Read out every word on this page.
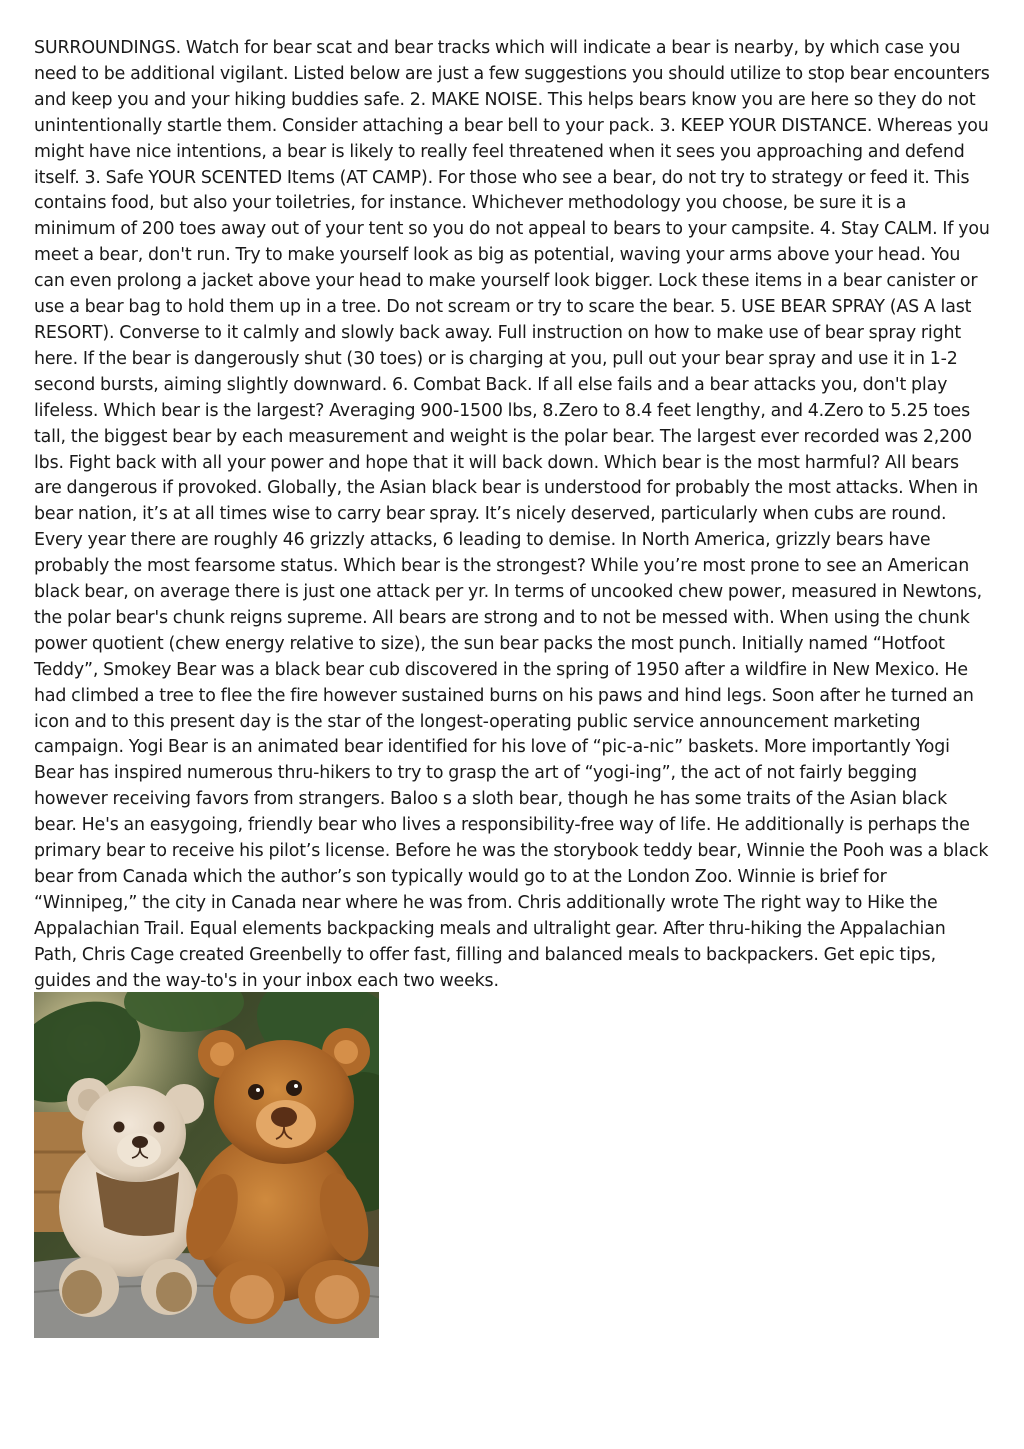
SURROUNDINGS. Watch for bear scat and bear tracks which will indicate a bear is nearby, by which case you need to be additional vigilant. Listed below are just a few suggestions you should utilize to stop bear encounters and keep you and your hiking buddies safe. 2. MAKE NOISE. This helps bears know you are here so they do not unintentionally startle them. Consider attaching a bear bell to your pack. 3. KEEP YOUR DISTANCE. Whereas you might have nice intentions, a bear is likely to really feel threatened when it sees you approaching and defend itself. 3. Safe YOUR SCENTED Items (AT CAMP). For those who see a bear, do not try to strategy or feed it. This contains food, but also your toiletries, for instance. Whichever methodology you choose, be sure it is a minimum of 200 toes away out of your tent so you do not appeal to bears to your campsite. 4. Stay CALM. If you meet a bear, don't run. Try to make yourself look as big as potential, waving your arms above your head. You can even prolong a jacket above your head to make yourself look bigger. Lock these items in a bear canister or use a bear bag to hold them up in a tree. Do not scream or try to scare the bear. 5. USE BEAR SPRAY (AS A last RESORT). Converse to it calmly and slowly back away. Full instruction on how to make use of bear spray right here. If the bear is dangerously shut (30 toes) or is charging at you, pull out your bear spray and use it in 1-2 second bursts, aiming slightly downward. 6. Combat Back. If all else fails and a bear attacks you, don't play lifeless. Which bear is the largest? Averaging 900-1500 lbs, 8.Zero to 8.4 feet lengthy, and 4.Zero to 5.25 toes tall, the biggest bear by each measurement and weight is the polar bear. The largest ever recorded was 2,200 lbs. Fight back with all your power and hope that it will back down. Which bear is the most harmful? All bears are dangerous if provoked. Globally, the Asian black bear is understood for probably the most attacks. When in bear nation, it’s at all times wise to carry bear spray. It’s nicely deserved, particularly when cubs are round. Every year there are roughly 46 grizzly attacks, 6 leading to demise. In North America, grizzly bears have probably the most fearsome status. Which bear is the strongest? While you’re most prone to see an American black bear, on average there is just one attack per yr. In terms of uncooked chew power, measured in Newtons, the polar bear's chunk reigns supreme. All bears are strong and to not be messed with. When using the chunk power quotient (chew energy relative to size), the sun bear packs the most punch. Initially named “Hotfoot Teddy”, Smokey Bear was a black bear cub discovered in the spring of 1950 after a wildfire in New Mexico. He had climbed a tree to flee the fire however sustained burns on his paws and hind legs. Soon after he turned an icon and to this present day is the star of the longest-operating public service announcement marketing campaign. Yogi Bear is an animated bear identified for his love of “pic-a-nic” baskets. More importantly Yogi Bear has inspired numerous thru-hikers to try to grasp the art of “yogi-ing”, the act of not fairly begging however receiving favors from strangers. Baloo s a sloth bear, though he has some traits of the Asian black bear. He's an easygoing, friendly bear who lives a responsibility-free way of life. He additionally is perhaps the primary bear to receive his pilot’s license. Before he was the storybook teddy bear, Winnie the Pooh was a black bear from Canada which the author’s son typically would go to at the London Zoo. Winnie is brief for “Winnipeg,” the city in Canada near where he was from. Chris additionally wrote The right way to Hike the Appalachian Trail. Equal elements backpacking meals and ultralight gear. After thru-hiking the Appalachian Path, Chris Cage created Greenbelly to offer fast, filling and balanced meals to backpackers. Get epic tips, guides and the way-to's in your inbox each two weeks.
